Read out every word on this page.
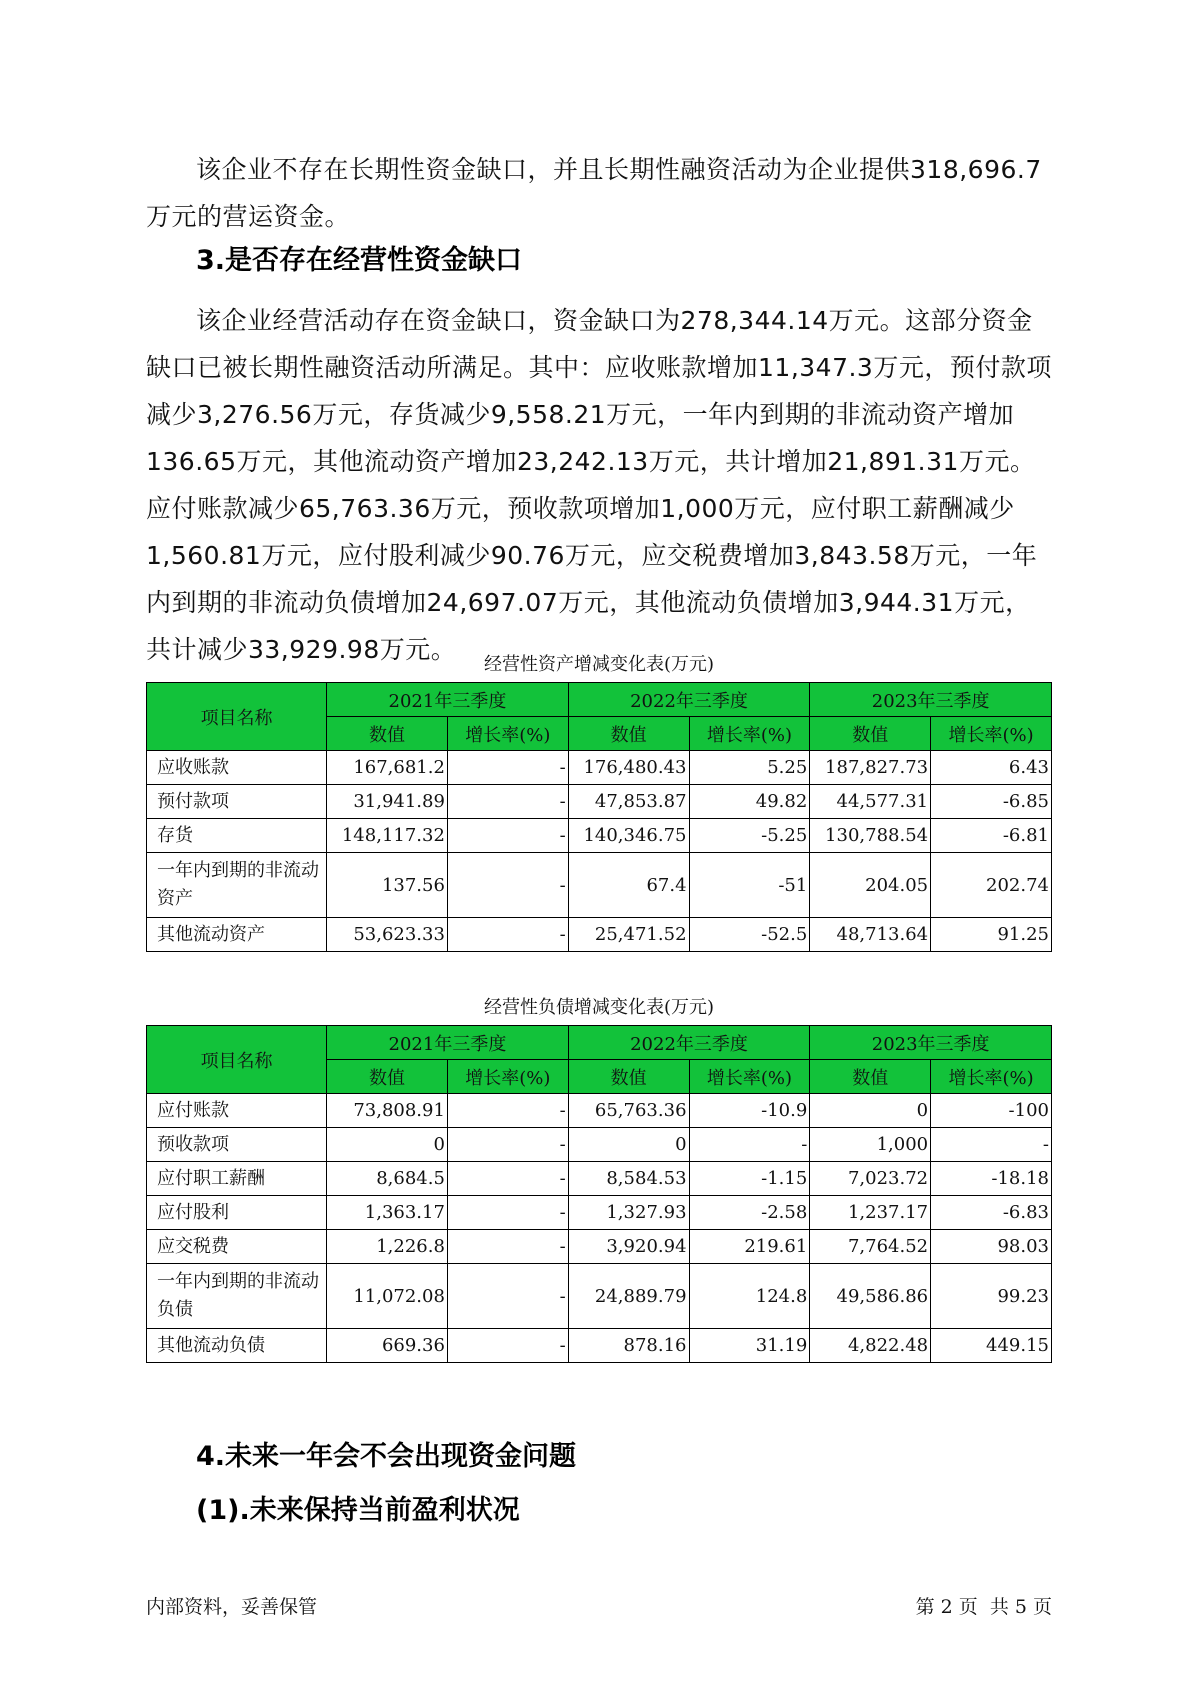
该企业不存在长期性资金缺口，并且长期性融资活动为企业提供318,696.7万元的营运资金。
3.是否存在经营性资金缺口
该企业经营活动存在资金缺口，资金缺口为278,344.14万元。这部分资金缺口已被长期性融资活动所满足。其中：应收账款增加11,347.3万元，预付款项减少3,276.56万元，存货减少9,558.21万元，一年内到期的非流动资产增加136.65万元，其他流动资产增加23,242.13万元，共计增加21,891.31万元。应付账款减少65,763.36万元，预收款项增加1,000万元，应付职工薪酬减少1,560.81万元，应付股利减少90.76万元，应交税费增加3,843.58万元，一年内到期的非流动负债增加24,697.07万元，其他流动负债增加3,944.31万元，共计减少33,929.98万元。
经营性资产增减变化表(万元)
项目名称	2021年三季度		2022年三季度		2023年三季度	
	数值	增长率(%)	数值	增长率(%)	数值	增长率(%)
应收账款	167,681.2	-	176,480.43	5.25	187,827.73	6.43
预付款项	31,941.89	-	47,853.87	49.82	44,577.31	-6.85
存货	148,117.32	-	140,346.75	-5.25	130,788.54	-6.81
一年内到期的非流动资产	137.56	-	67.4	-51	204.05	202.74
其他流动资产	53,623.33	-	25,471.52	-52.5	48,713.64	91.25
经营性负债增减变化表(万元)
项目名称	2021年三季度		2022年三季度		2023年三季度	
	数值	增长率(%)	数值	增长率(%)	数值	增长率(%)
应付账款	73,808.91	-	65,763.36	-10.9	0	-100
预收款项	0	-	0	-	1,000	-
应付职工薪酬	8,684.5	-	8,584.53	-1.15	7,023.72	-18.18
应付股利	1,363.17	-	1,327.93	-2.58	1,237.17	-6.83
应交税费	1,226.8	-	3,920.94	219.61	7,764.52	98.03
一年内到期的非流动负债	11,072.08	-	24,889.79	124.8	49,586.86	99.23
其他流动负债	669.36	-	878.16	31.19	4,822.48	449.15
4.未来一年会不会出现资金问题
(1).未来保持当前盈利状况
内部资料，妥善保管	第 2 页  共 5 页
